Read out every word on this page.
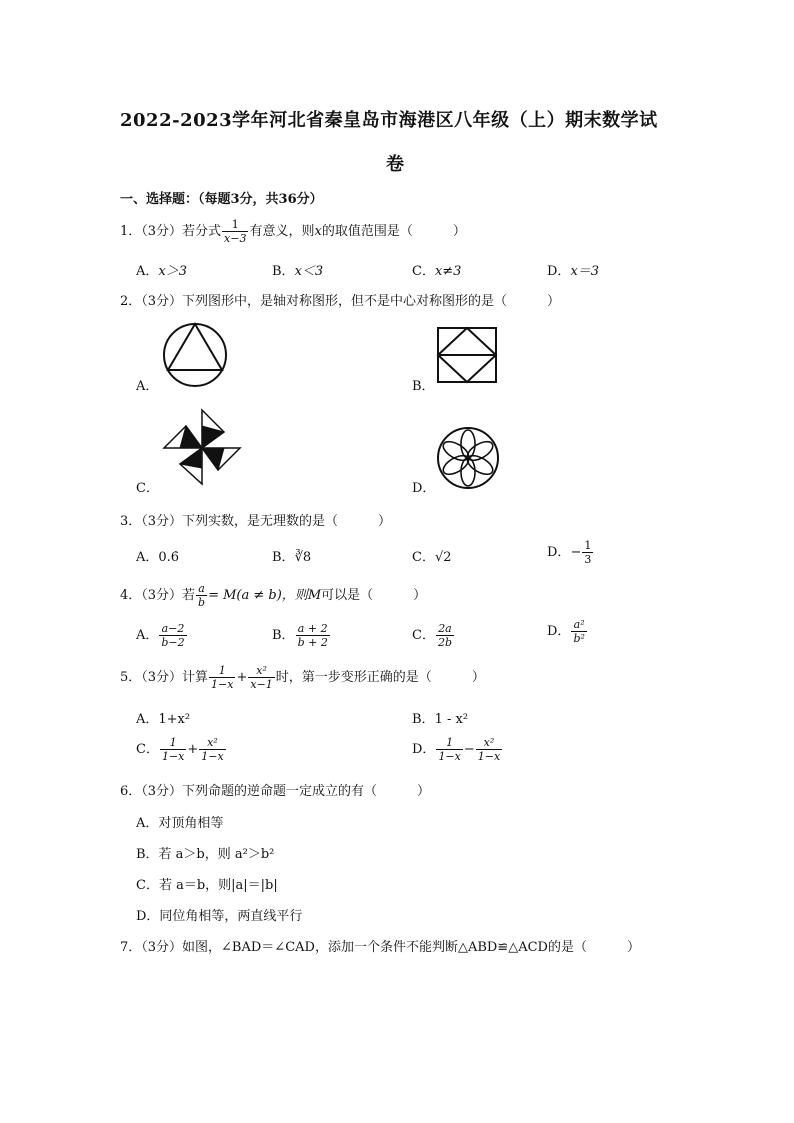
2022-2023学年河北省秦皇岛市海港区八年级（上）期末数学试
卷
一、选择题：（每题3分，共36分）
1．（3分）若分式 $\frac{1}{x-3}$ 有意义，则x的取值范围是（	）
A．x＞3	B．x＜3	C．x≠3	D．x＝3
2．（3分）下列图形中，是轴对称图形，但不是中心对称图形的是（	）
A．	B．
C．	D．
3．（3分）下列实数，是无理数的是（	）
A．0.6̇	B．∛8	C．√2	D．− $\frac{1}{3}$
4．（3分）若 $\frac{a}{b} = M(a \ne b)$，则M可以是（	）
A． $\frac{a-2}{b-2}$	B． $\frac{a + 2}{b + 2}$	C． $\frac{2a}{2b}$	D． $\frac{\text{a²}}{\text{b²}}$
5．（3分）计算 $\frac{1}{1-x} + \frac{\text{x²}}{x-1}$ 时，第一步变形正确的是（	）
A．1+x²	B．1 - x²
C． $\frac{1}{1-x} + \frac{\text{x²}}{1-x}$	D． $\frac{1}{1-x} - \frac{\text{x²}}{1-x}$
6．（3分）下列命题的逆命题一定成立的有（	）
A．对顶角相等
B．若 a＞b，则 a²＞b²
C．若 a＝b，则|a|＝|b|
D．同位角相等，两直线平行
7．（3分）如图，∠BAD＝∠CAD，添加一个条件不能判断△ABD≌△ACD的是（	）
